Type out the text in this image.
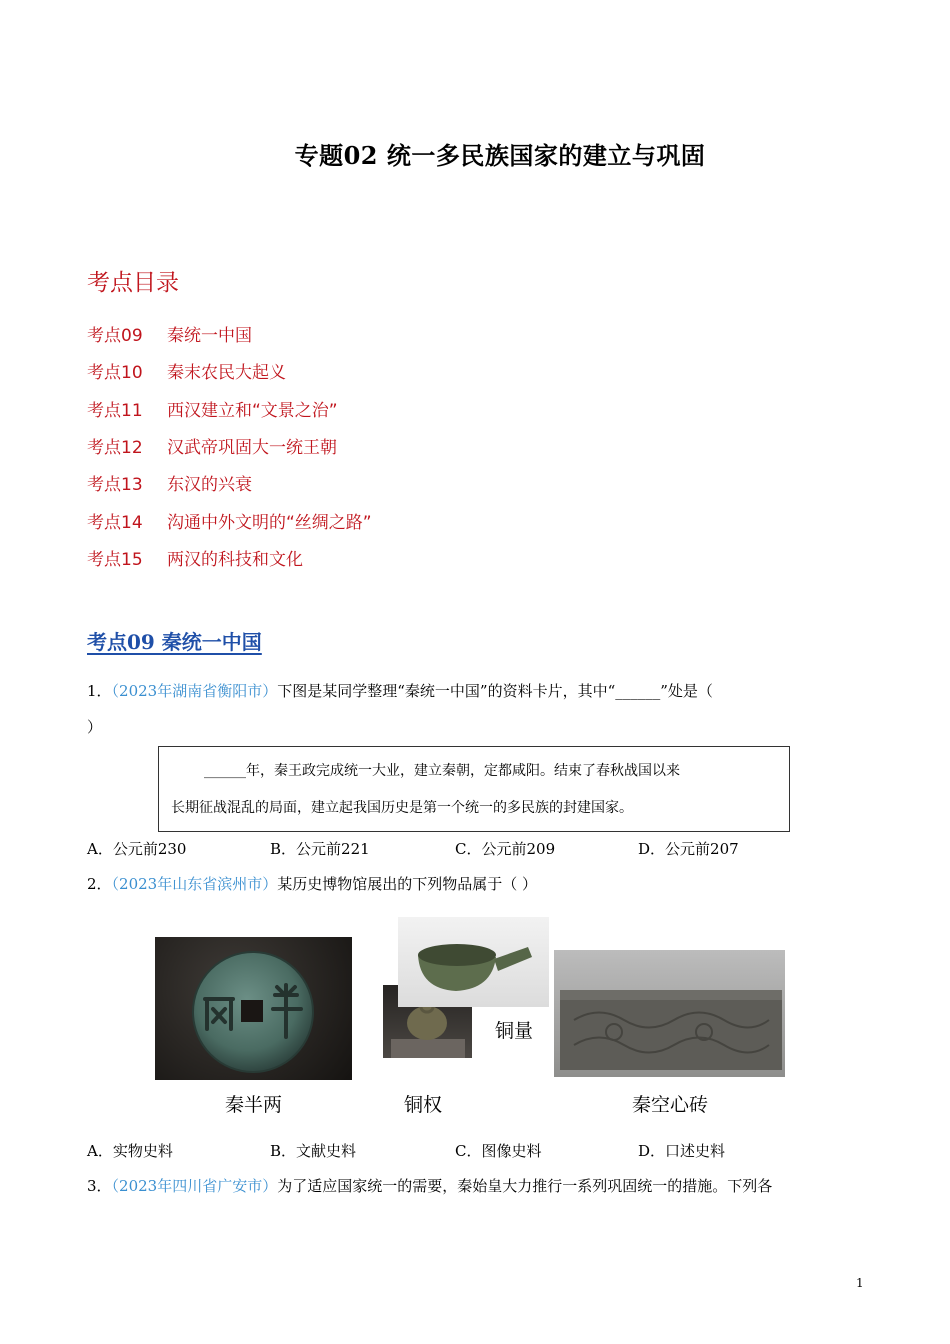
专题02 统一多民族国家的建立与巩固
考点目录
考点09 秦统一中国
考点10 秦末农民大起义
考点11 西汉建立和“文景之治”
考点12 汉武帝巩固大一统王朝
考点13 东汉的兴衰
考点14 沟通中外文明的“丝绸之路”
考点15 两汉的科技和文化
考点09 秦统一中国
1．（2023年湖南省衡阳市）下图是某同学整理“秦统一中国”的资料卡片，其中“______”处是（
）
______年，秦王政完成统一大业，建立秦朝，定都咸阳。结束了春秋战国以来
长期征战混乱的局面，建立起我国历史是第一个统一的多民族的封建国家。
A．公元前230	B．公元前221	C．公元前209	D．公元前207
2．（2023年山东省滨州市）某历史博物馆展出的下列物品属于（ ）
秦半两	铜权
铜量
秦空心砖
A．实物史料	B．文献史料	C．图像史料	D．口述史料
3．（2023年四川省广安市）为了适应国家统一的需要，秦始皇大力推行一系列巩固统一的措施。下列各
1
